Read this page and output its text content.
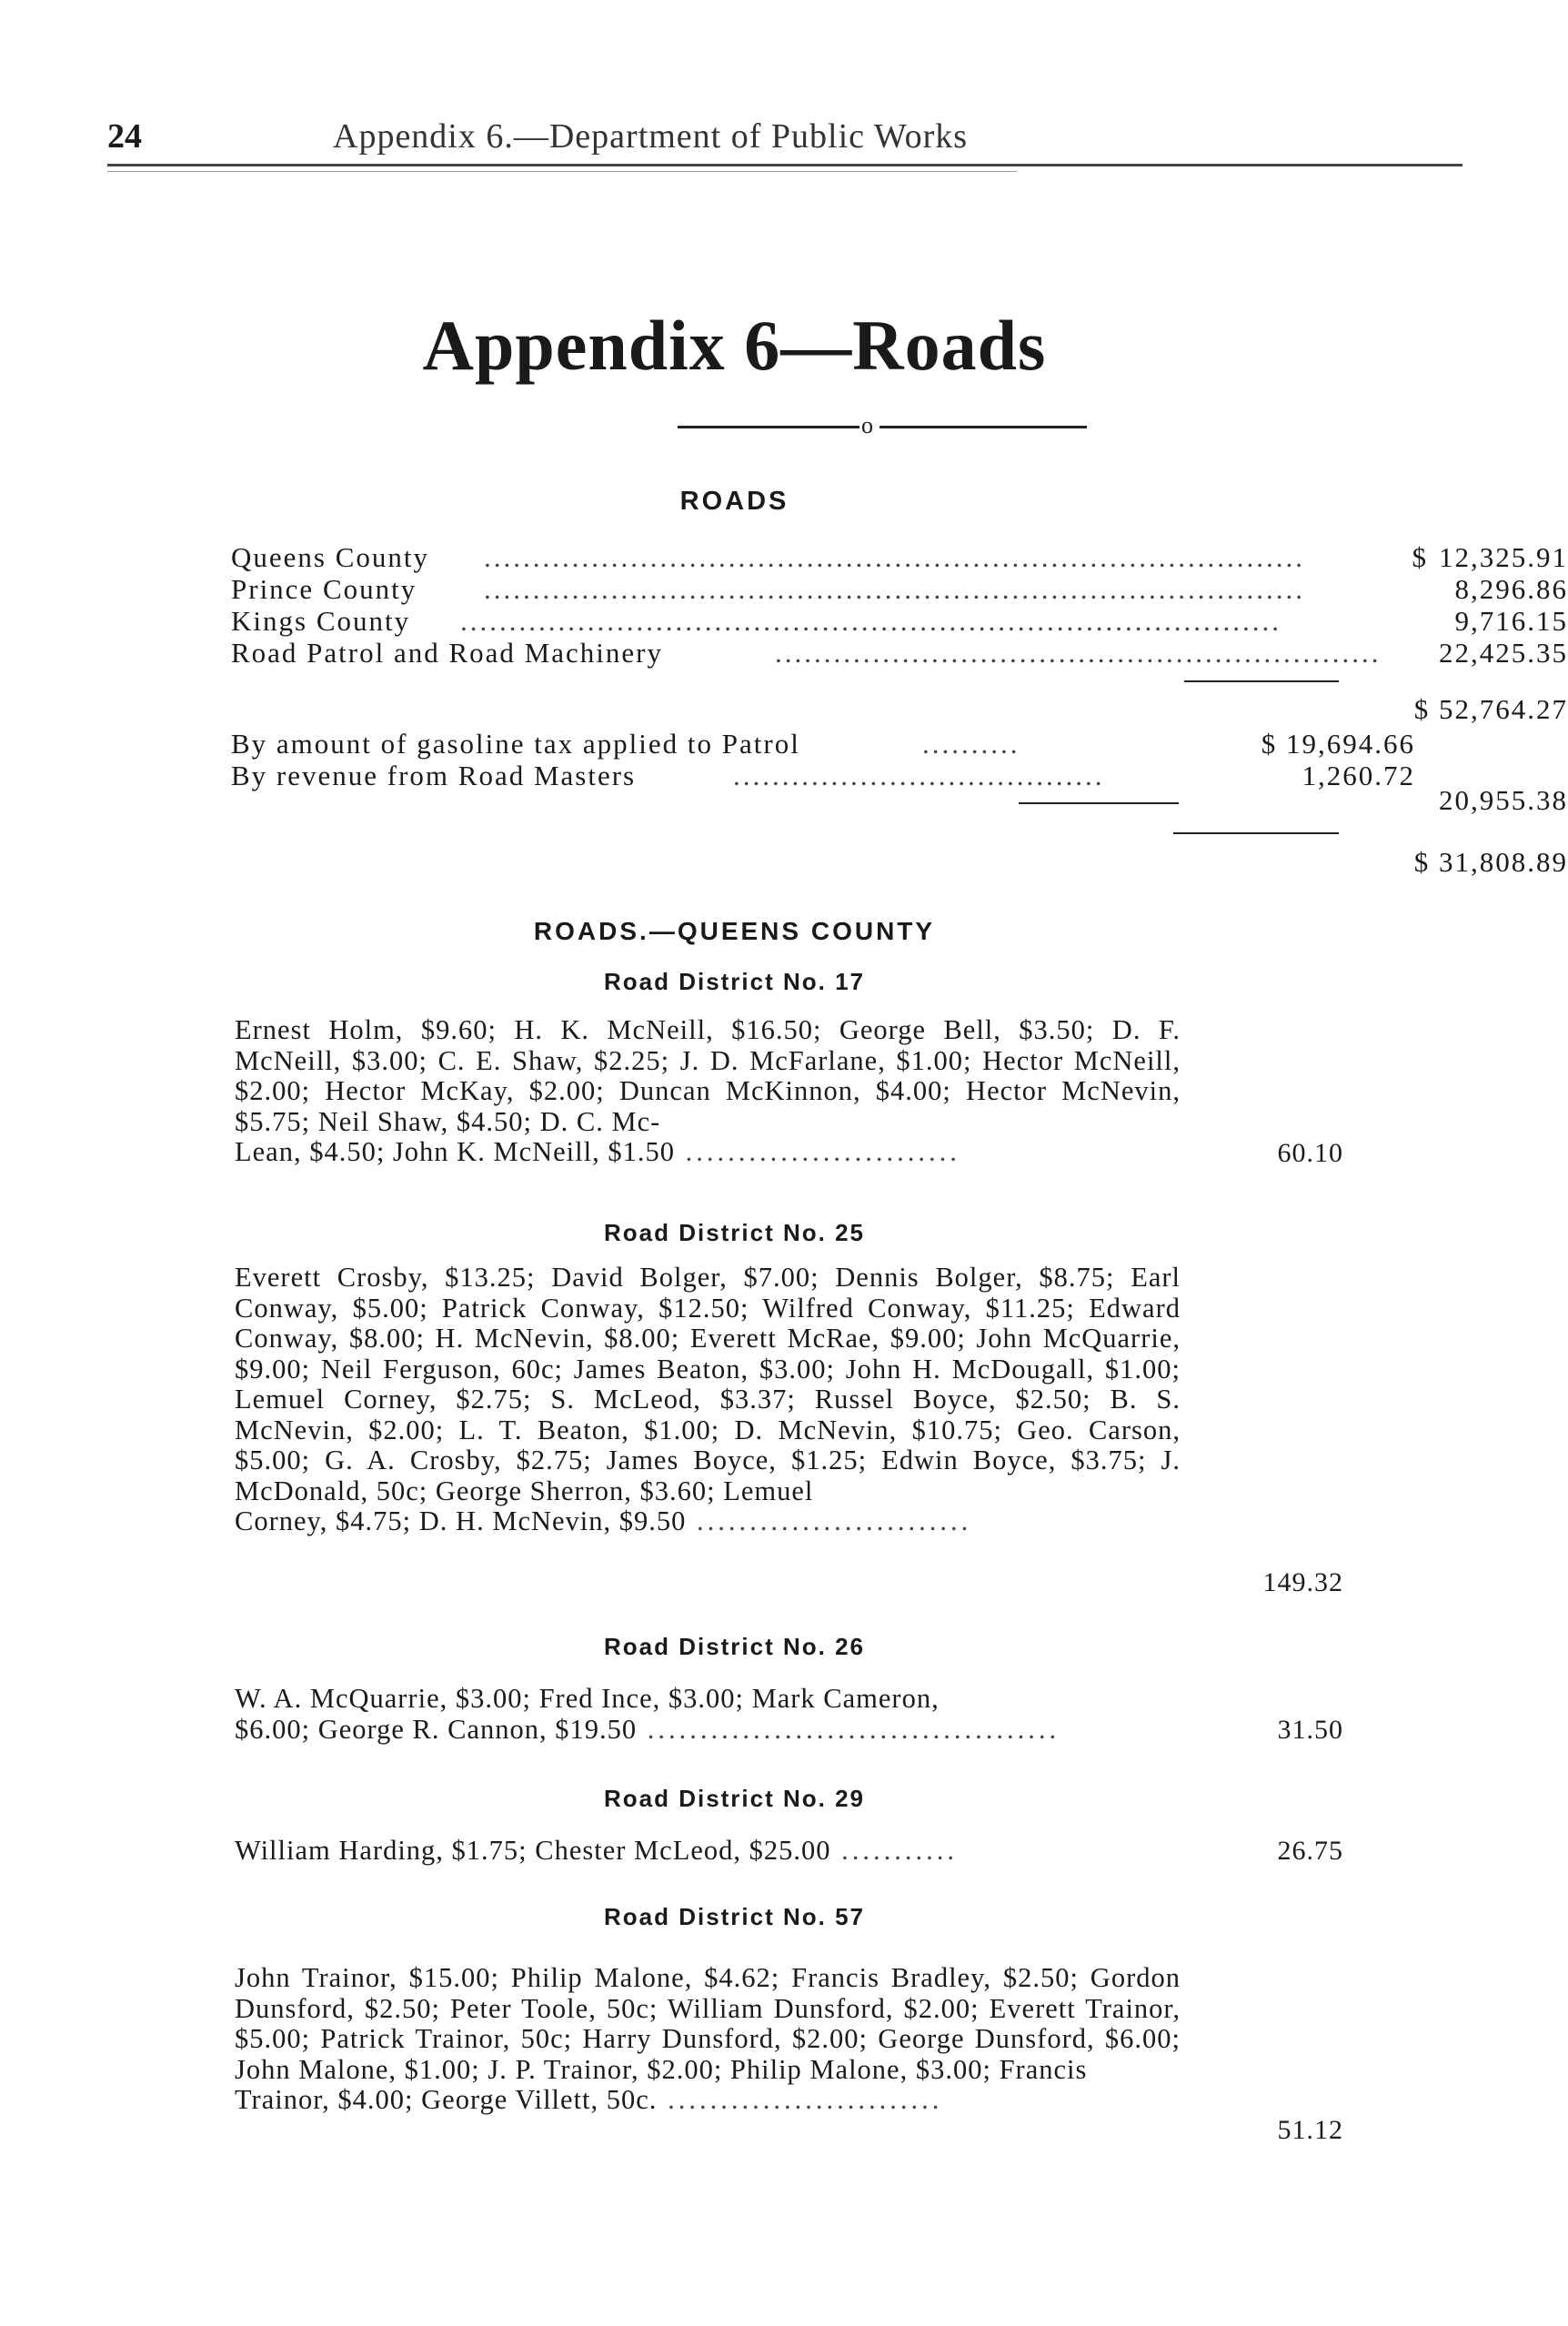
24	Appendix 6.—Department of Public Works
Appendix 6—Roads
o
ROADS
Queens County ....................................................................................	$ 12,325.91
Prince County ....................................................................................	8,296.86
Kings County ....................................................................................	9,716.15
Road Patrol and Road Machinery	..............................................................	22,425.35
$ 52,764.27
By amount of gasoline tax applied to Patrol	..........	$ 19,694.66
By revenue from Road Masters	......................................	1,260.72
20,955.38
$ 31,808.89
ROADS.—QUEENS COUNTY
Road District No. 17
Ernest Holm, $9.60; H. K. McNeill, $16.50; George Bell, $3.50; D. F. McNeill, $3.00; C. E. Shaw, $2.25; J. D. McFarlane, $1.00; Hector McNeill, $2.00; Hector McKay, $2.00; Duncan McKinnon, $4.00; Hector McNevin, $5.75; Neil Shaw, $4.50; D. C. Mc-
Lean, $4.50; John K. McNeill, $1.50 ..........................	60.10
Road District No. 25
Everett Crosby, $13.25; David Bolger, $7.00; Dennis Bolger, $8.75; Earl Conway, $5.00; Patrick Conway, $12.50; Wilfred Conway, $11.25; Edward Conway, $8.00; H. McNevin, $8.00; Everett McRae, $9.00; John McQuarrie, $9.00; Neil Ferguson, 60c; James Beaton, $3.00; John H. McDougall, $1.00; Lemuel Corney, $2.75; S. McLeod, $3.37; Russel Boyce, $2.50; B. S. McNevin, $2.00; L. T. Beaton, $1.00; D. McNevin, $10.75; Geo. Carson, $5.00; G. A. Crosby, $2.75; James Boyce, $1.25; Edwin Boyce, $3.75; J. McDonald, 50c; George Sherron, $3.60; Lemuel
Corney, $4.75; D. H. McNevin, $9.50 ..........................
149.32
Road District No. 26
W. A. McQuarrie, $3.00; Fred Ince, $3.00; Mark Cameron,
$6.00; George R. Cannon, $19.50 .......................................	31.50
Road District No. 29
William Harding, $1.75; Chester McLeod, $25.00 ...........	26.75
Road District No. 57
John Trainor, $15.00; Philip Malone, $4.62; Francis Bradley, $2.50; Gordon Dunsford, $2.50; Peter Toole, 50c; William Dunsford, $2.00; Everett Trainor, $5.00; Patrick Trainor, 50c; Harry Dunsford, $2.00; George Dunsford, $6.00; John Malone, $1.00; J. P. Trainor, $2.00; Philip Malone, $3.00; Francis
Trainor, $4.00; George Villett, 50c. ..........................
51.12
